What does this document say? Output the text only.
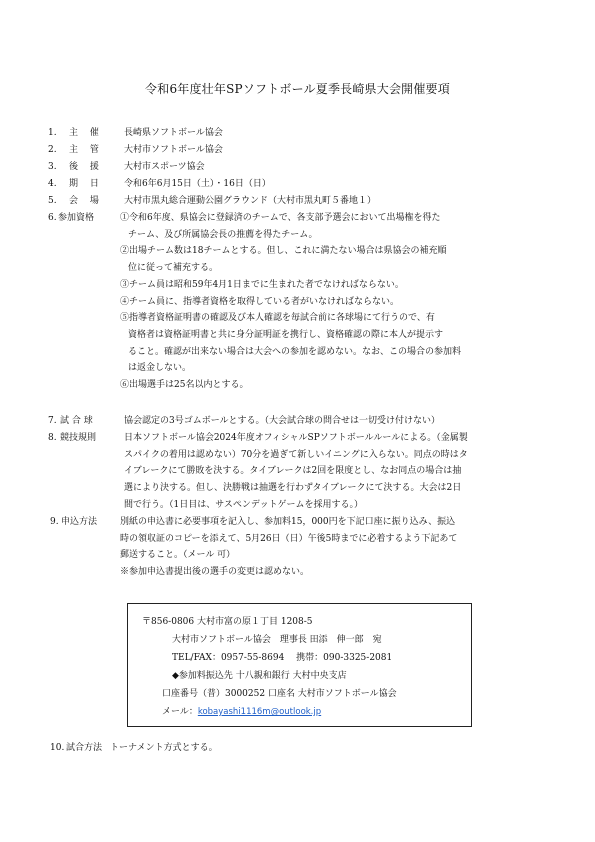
令和6年度壮年SPソフトボール夏季長崎県大会開催要項
1. 主　 催	長崎県ソフトボール協会
2. 主　 管	大村市ソフトボール協会
3. 後　 援	大村市スポーツ協会
4. 期　 日	令和6年6月15日（土）・16日（日）
5. 会　 場	大村市黒丸総合運動公園グラウンド（大村市黒丸町５番地１）
6. 参加資格	①令和6年度、県協会に登録済のチームで、各支部予選会において出場権を得た
チーム、及び所属協会長の推薦を得たチーム。
②出場チーム数は18チームとする。但し、これに満たない場合は県協会の補充順
位に従って補充する。
③チーム員は昭和59年4月1日までに生まれた者でなければならない。
④チーム員に、指導者資格を取得している者がいなければならない。
⑤指導者資格証明書の確認及び本人確認を毎試合前に各球場にて行うので、有
資格者は資格証明書と共に身分証明証を携行し、資格確認の際に本人が提示す
ること。確認が出来ない場合は大会への参加を認めない。なお、この場合の参加料
は返金しない。
⑥出場選手は25名以内とする。
7. 試 合 球	協会認定の3号ゴムボールとする。（大会試合球の問合せは一切受け付けない）
8. 競技規則	日本ソフトボール協会2024年度オフィシャルSPソフトボールルールによる。（金属製
スパイクの着用は認めない）70分を過ぎて新しいイニングに入らない。同点の時はタ
イブレークにて勝敗を決する。タイブレークは2回を限度とし、なお同点の場合は抽
選により決する。但し、決勝戦は抽選を行わずタイブレークにて決する。大会は2日
間で行う。（1日目は、サスペンデットゲームを採用する。）
9. 申込方法	別紙の申込書に必要事項を記入し、参加料15，000円を下記口座に振り込み、振込
時の領収証のコピーを添えて、5月26日（日）午後5時までに必着するよう下記あて
郵送すること。（メール 可）
※参加申込書提出後の選手の変更は認めない。
〒856‐0806 大村市富の原１丁目 1208-5
大村市ソフトボール協会　理事長 田添　伸一郎　宛
TEL/FAX：0957‐55‐8694　 携帯：090‐3325‐2081
◆参加料振込先 十八親和銀行 大村中央支店
口座番号（普）3000252 口座名 大村市ソフトボール協会
メール：kobayashi1116m@outlook.jp
10. 試合方法 トーナメント方式とする。
